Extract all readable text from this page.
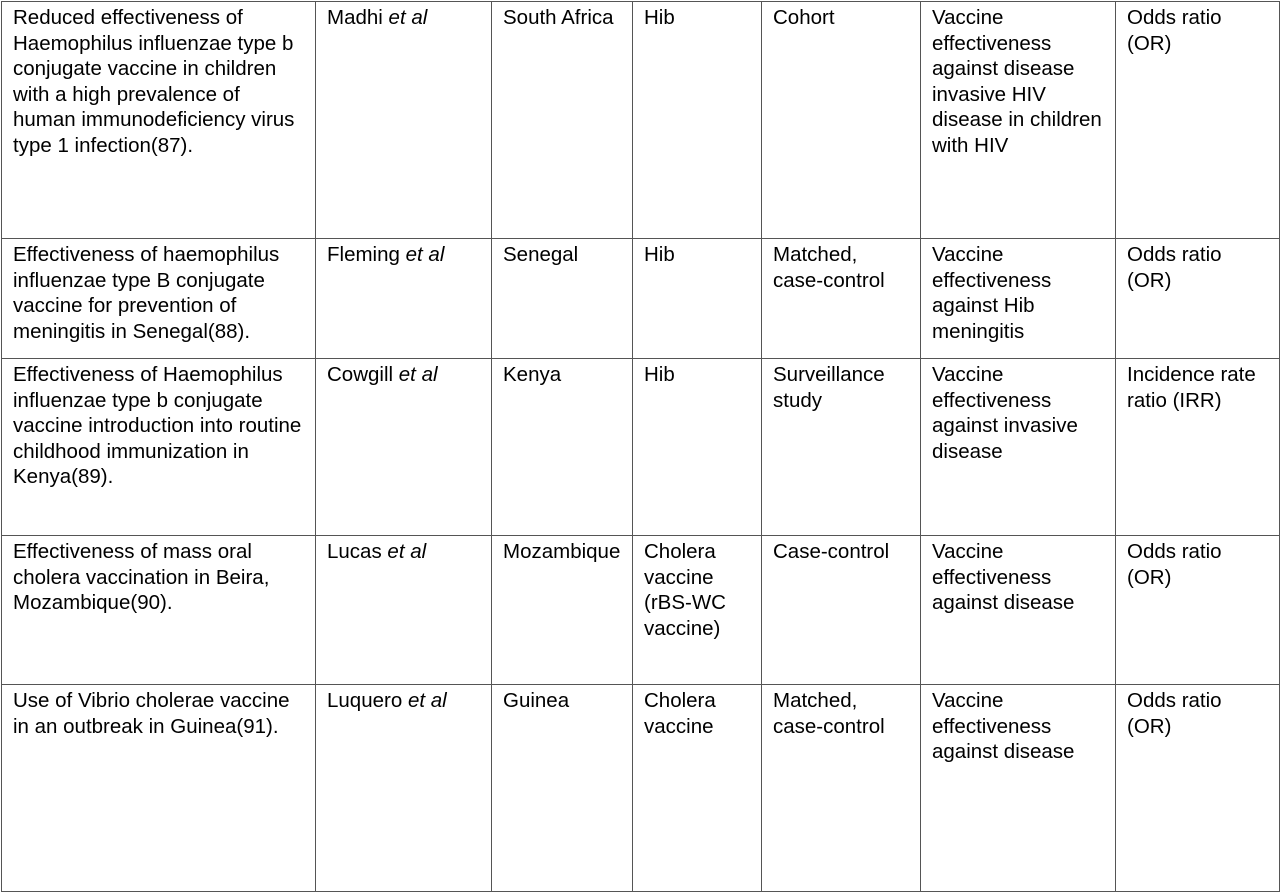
Reduced effectiveness of Haemophilus influenzae type b conjugate vaccine in children with a high prevalence of human immunodeficiency virus type 1 infection(87).	Madhi et al	South Africa	Hib	Cohort	Vaccine effectiveness against disease invasive HIV disease in children with HIV	Odds ratio (OR)
Effectiveness of haemophilus influenzae type B conjugate vaccine for prevention of meningitis in Senegal(88).	Fleming et al	Senegal	Hib	Matched, case-control	Vaccine effectiveness against Hib meningitis	Odds ratio (OR)
Effectiveness of Haemophilus influenzae type b conjugate vaccine introduction into routine childhood immunization in Kenya(89).	Cowgill et al	Kenya	Hib	Surveillance study	Vaccine effectiveness against invasive disease	Incidence rate ratio (IRR)
Effectiveness of mass oral cholera vaccination in Beira, Mozambique(90).	Lucas et al	Mozambique	Cholera vaccine (rBS-WC vaccine)	Case-control	Vaccine effectiveness against disease	Odds ratio (OR)
Use of Vibrio cholerae vaccine in an outbreak in Guinea(91).	Luquero et al	Guinea	Cholera vaccine	Matched, case-control	Vaccine effectiveness against disease	Odds ratio (OR)
